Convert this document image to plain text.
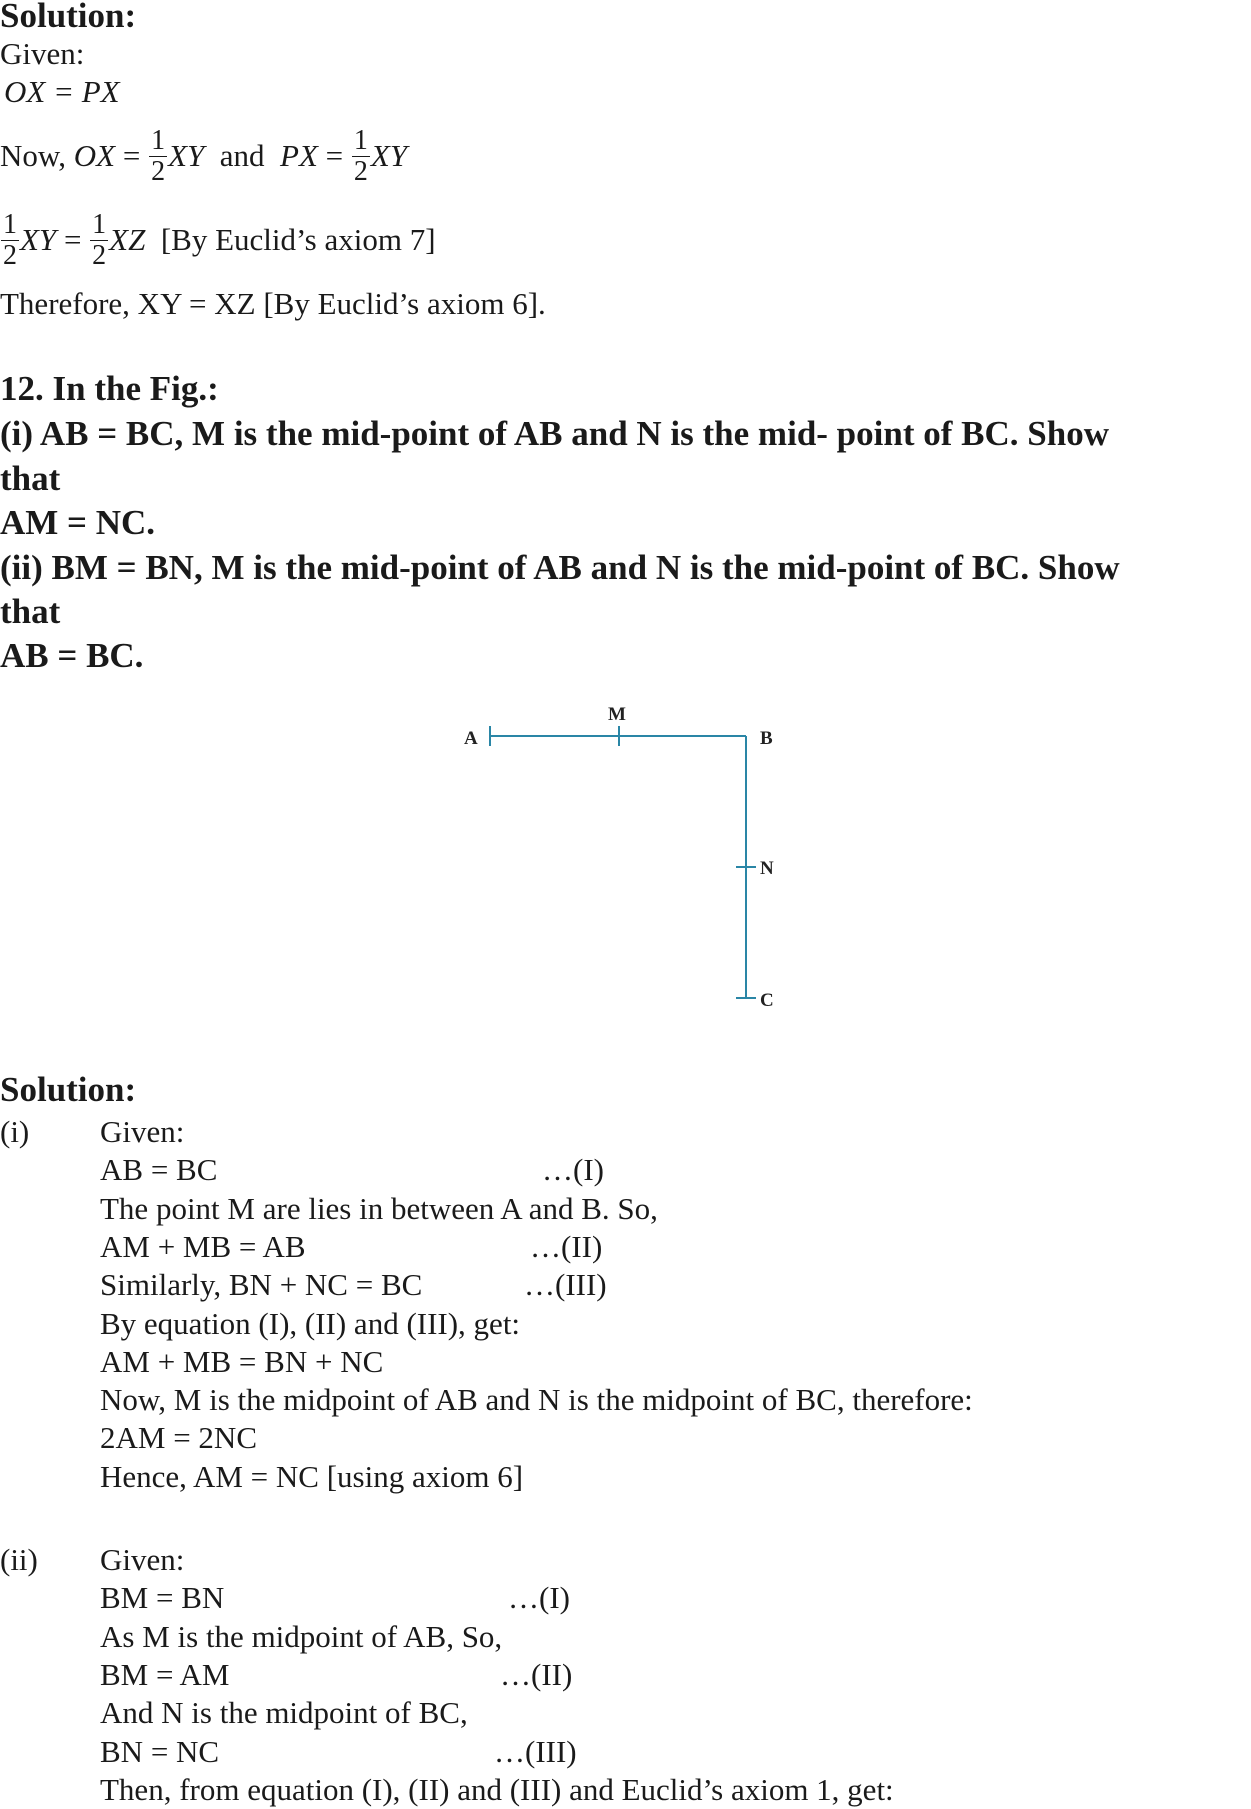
Solution:
Given:
OX = PX
Now,
OX = $\frac{1}{2}$ XY
and
PX = $\frac{1}{2}$ XY
$\frac{1}{2}$ XY = $\frac{1}{2}$ XZ
[By Euclid’s axiom 7]
Therefore, XY = XZ [By Euclid’s axiom 6].
12. In the Fig.:
(i) AB = BC, M is the mid-point of AB and N is the mid- point of BC. Show
that
AM = NC.
(ii) BM = BN, M is the mid-point of AB and N is the mid-point of BC. Show
that
AB = BC.
A
M
B
N
C
Solution:
(i) Given:
AB = BC	…(I)
The point M are lies in between A and B. So,
AM + MB = AB	…(II)
Similarly, BN + NC = BC	…(III)
By equation (I), (II) and (III), get:
AM + MB = BN + NC
Now, M is the midpoint of AB and N is the midpoint of BC, therefore:
2AM = 2NC
Hence, AM = NC [using axiom 6]
(ii) Given:
BM = BN	…(I)
As M is the midpoint of AB, So,
BM = AM	…(II)
And N is the midpoint of BC,
BN = NC	…(III)
Then, from equation (I), (II) and (III) and Euclid’s axiom 1, get:
